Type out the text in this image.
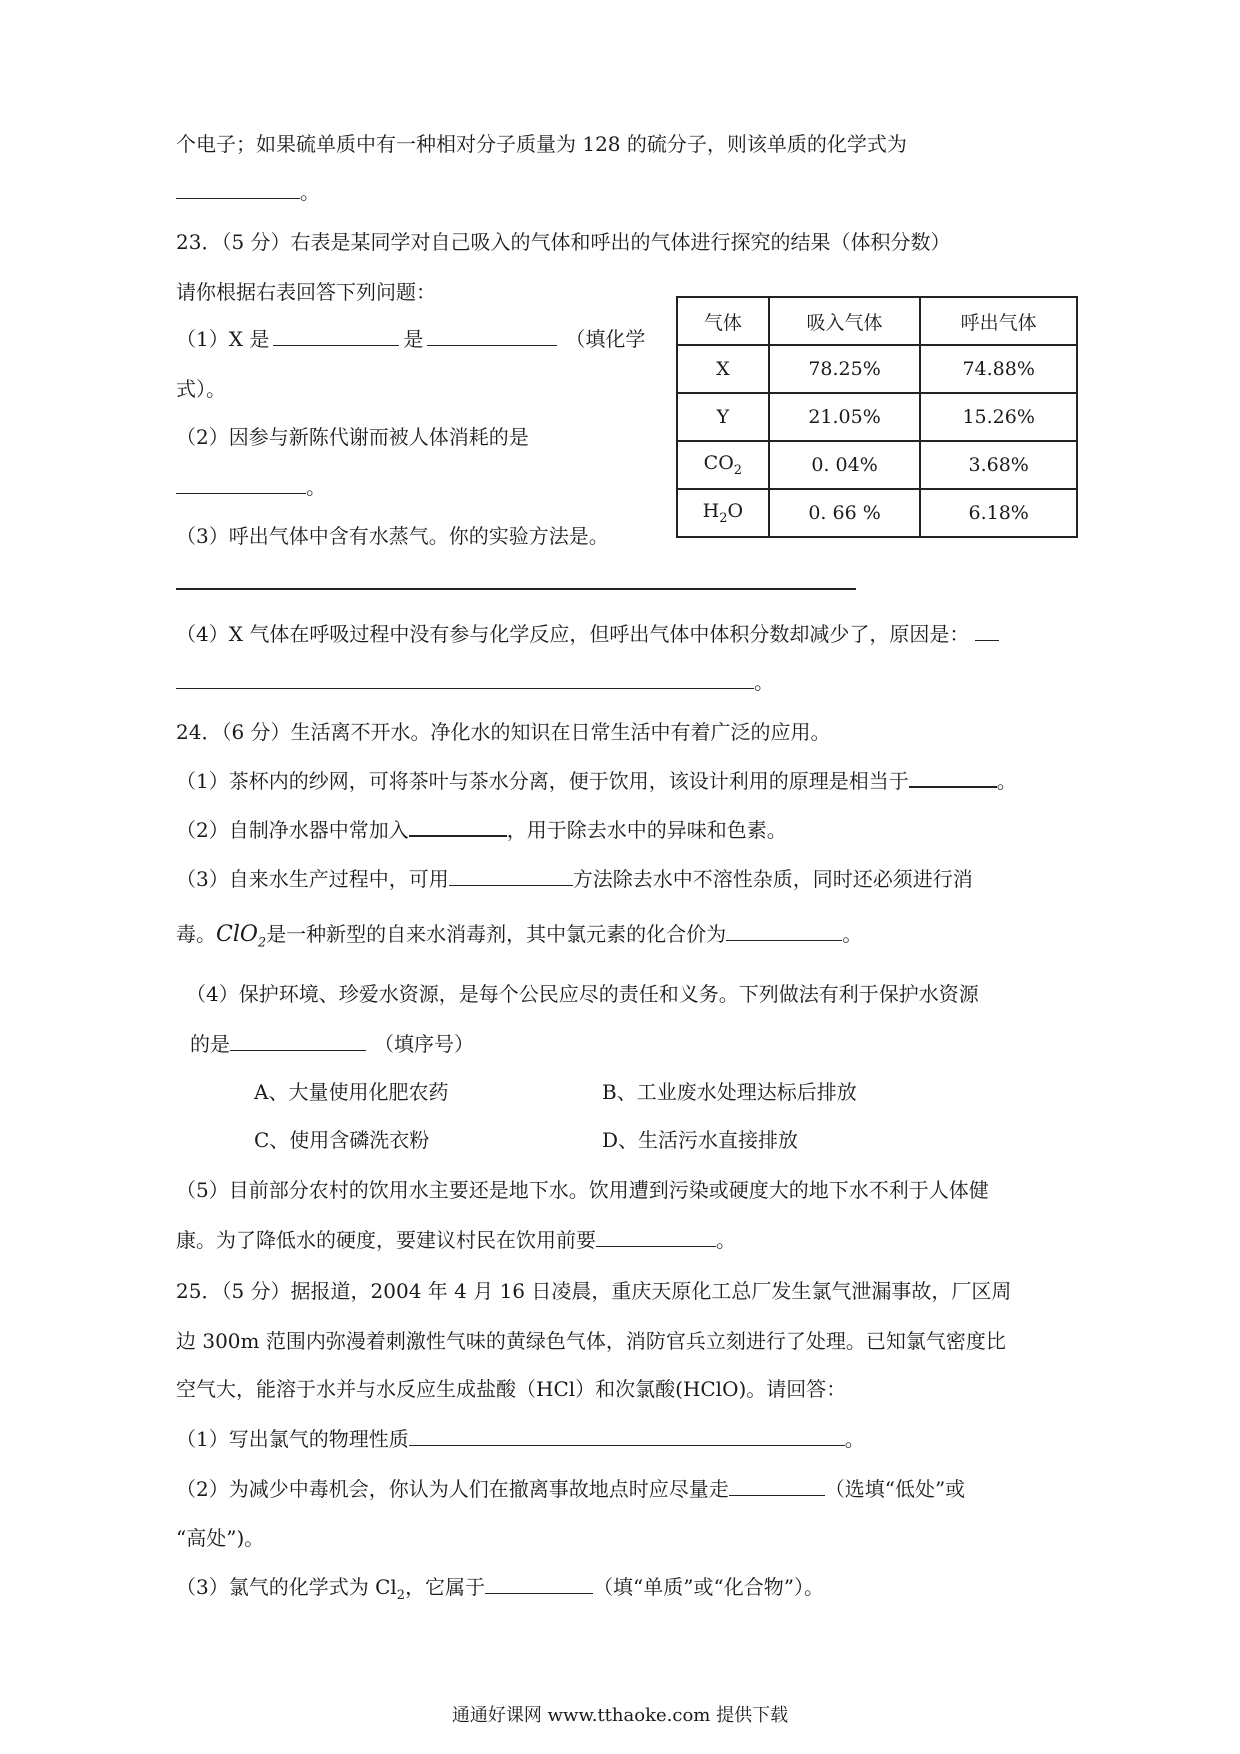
个电子；如果硫单质中有一种相对分子质量为 128 的硫分子，则该单质的化学式为
。
23．（5 分）右表是某同学对自己吸入的气体和呼出的气体进行探究的结果（体积分数）
请你根据右表回答下列问题：
（1）X 是	是	（填化学
式）。
（2）因参与新陈代谢而被人体消耗的是
。
（3）呼出气体中含有水蒸气。你的实验方法是。
（4）X 气体在呼吸过程中没有参与化学反应，但呼出气体中体积分数却减少了，原因是：
。
气体	吸入气体	呼出气体
X	78.25%	74.88%
Y	21.05%	15.26%
$CO_2$	0. 04%	3.68%
$H_2O$	0. 66 %	6.18%
24．（6 分）生活离不开水。净化水的知识在日常生活中有着广泛的应用。
（1）茶杯内的纱网，可将茶叶与茶水分离，便于饮用，该设计利用的原理是相当于	。
（2）自制净水器中常加入	，用于除去水中的异味和色素。
（3）自来水生产过程中，可用	方法除去水中不溶性杂质，同时还必须进行消
毒。ClO$_2$是一种新型的自来水消毒剂，其中氯元素的化合价为	。
（4）保护环境、珍爱水资源，是每个公民应尽的责任和义务。下列做法有利于保护水资源
的是	（填序号）
A、大量使用化肥农药	B、工业废水处理达标后排放
C、使用含磷洗衣粉	D、生活污水直接排放
（5）目前部分农村的饮用水主要还是地下水。饮用遭到污染或硬度大的地下水不利于人体健
康。为了降低水的硬度，要建议村民在饮用前要	。
25．（5 分）据报道，2004 年 4 月 16 日凌晨，重庆天原化工总厂发生氯气泄漏事故，厂区周
边 300m 范围内弥漫着刺激性气味的黄绿色气体，消防官兵立刻进行了处理。已知氯气密度比
空气大，能溶于水并与水反应生成盐酸（HCl）和次氯酸(HClO)。请回答：
（1）写出氯气的物理性质	。
（2）为减少中毒机会，你认为人们在撤离事故地点时应尽量走	（选填“低处”或
“高处”)。
（3）氯气的化学式为 $Cl_2$，它属于	（填“单质”或“化合物”）。
通通好课网 www.tthaoke.com 提供下载
